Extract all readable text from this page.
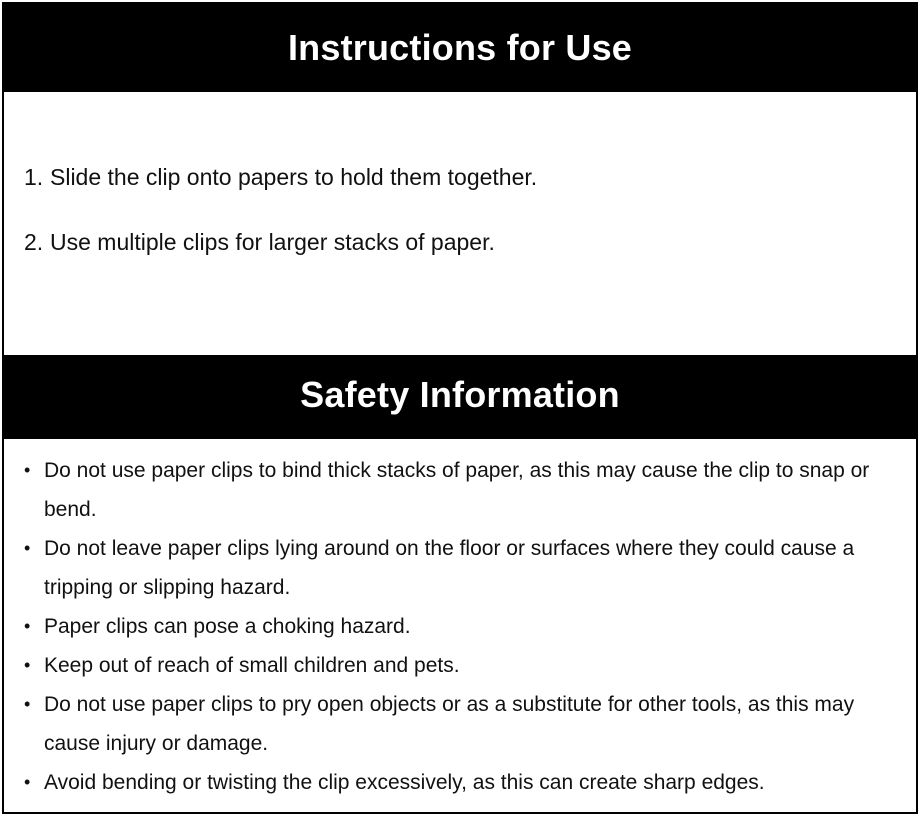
Instructions for Use
1. Slide the clip onto papers to hold them together.
2. Use multiple clips for larger stacks of paper.
Safety Information
• Do not use paper clips to bind thick stacks of paper, as this may cause the clip to snap or bend.
• Do not leave paper clips lying around on the floor or surfaces where they could cause a tripping or slipping hazard.
• Paper clips can pose a choking hazard.
• Keep out of reach of small children and pets.
• Do not use paper clips to pry open objects or as a substitute for other tools, as this may cause injury or damage.
• Avoid bending or twisting the clip excessively, as this can create sharp edges.
